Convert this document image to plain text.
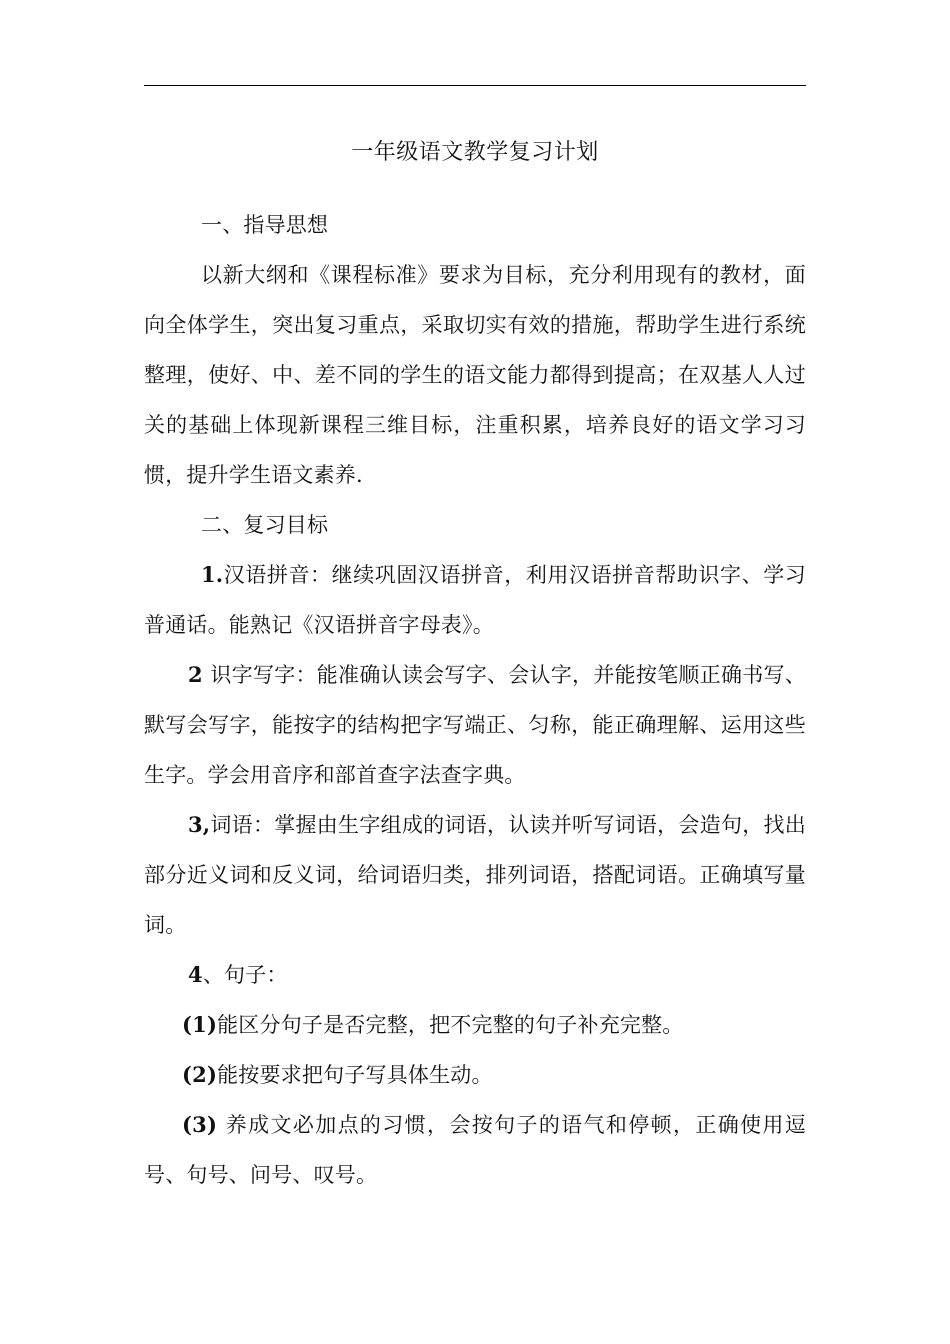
一年级语文教学复习计划

一、指导思想

以新大纲和《课程标准》要求为目标，充分利用现有的教材，面向全体学生，突出复习重点，采取切实有效的措施，帮助学生进行系统整理，使好、中、差不同的学生的语文能力都得到提高；在双基人人过关的基础上体现新课程三维目标，注重积累，培养良好的语文学习习惯，提升学生语文素养.

二、复习目标

1.汉语拼音：继续巩固汉语拼音，利用汉语拼音帮助识字、学习普通话。能熟记《汉语拼音字母表》。

2 识字写字：能准确认读会写字、会认字，并能按笔顺正确书写、默写会写字，能按字的结构把字写端正、匀称，能正确理解、运用这些生字。学会用音序和部首查字法查字典。

3,词语：掌握由生字组成的词语，认读并听写词语，会造句，找出部分近义词和反义词，给词语归类，排列词语，搭配词语。正确填写量词。

4、句子：

(1)能区分句子是否完整，把不完整的句子补充完整。

(2)能按要求把句子写具体生动。

(3) 养成文必加点的习惯，会按句子的语气和停顿，正确使用逗号、句号、问号、叹号。
